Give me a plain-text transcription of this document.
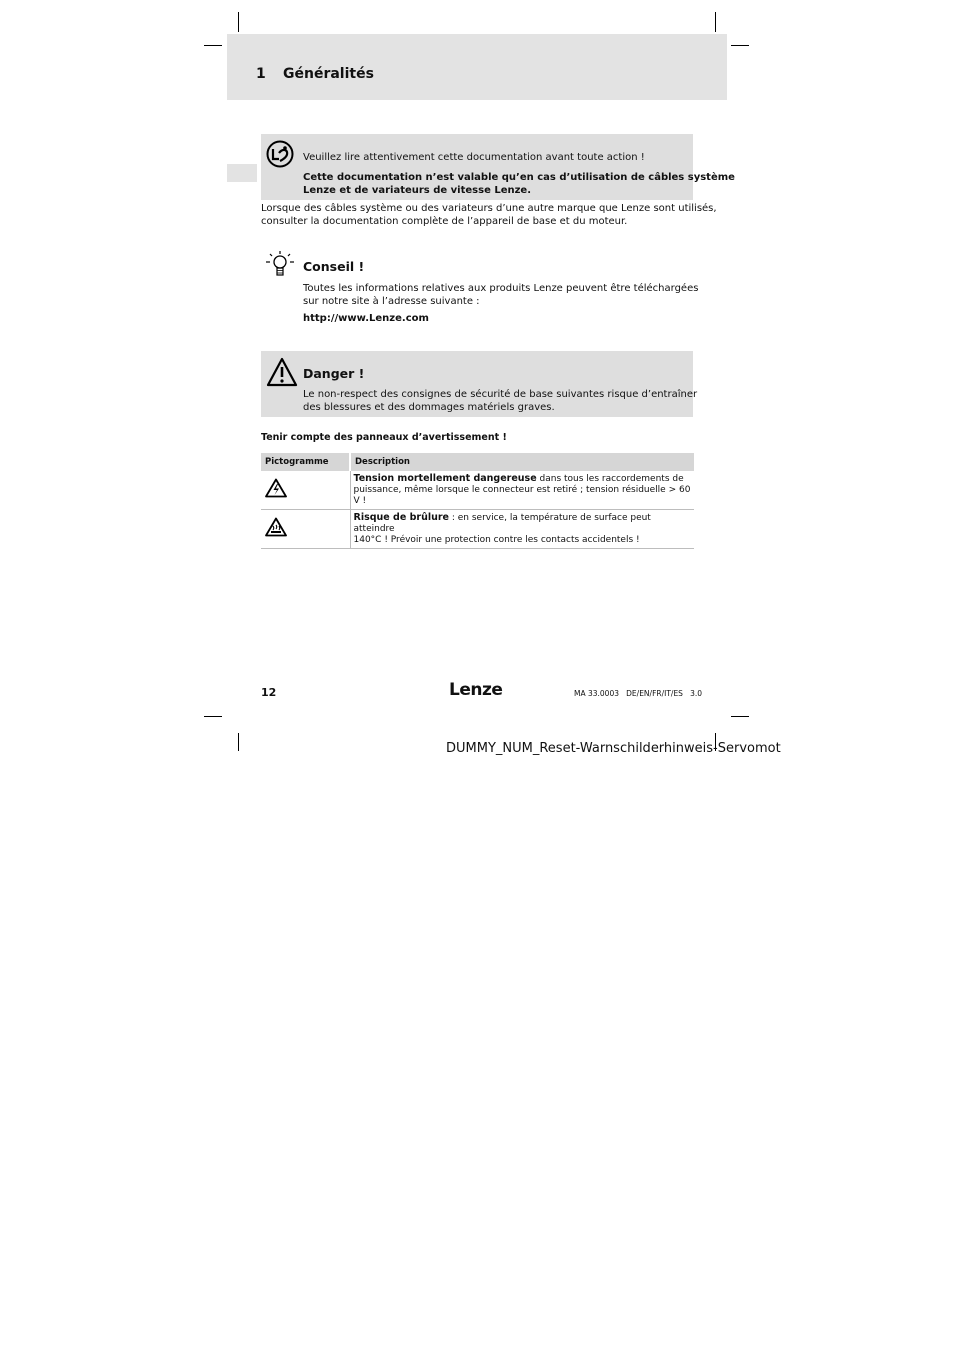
1 Généralités
Veuillez lire attentivement cette documentation avant toute action !
Cette documentation n’est valable qu’en cas d’utilisation de câbles système
Lenze et de variateurs de vitesse Lenze.
Lorsque des câbles système ou des variateurs d’une autre marque que Lenze sont utilisés,
consulter la documentation complète de l’appareil de base et du moteur.
Conseil !
Toutes les informations relatives aux produits Lenze peuvent être téléchargées
sur notre site à l’adresse suivante :
http://www.Lenze.com
Danger !
Le non-respect des consignes de sécurité de base suivantes risque d’entraîner
des blessures et des dommages matériels graves.
Tenir compte des panneaux d’avertissement !
Pictogramme	Description
	Tension mortellement dangereuse dans tous les raccordements de
puissance, même lorsque le connecteur est retiré ; tension résiduelle > 60 V !
	Risque de brûlure : en service, la température de surface peut atteindre
140°C ! Prévoir une protection contre les contacts accidentels !
12	Lenze	MA 33.0003   DE/EN/FR/IT/ES   3.0
DUMMY_NUM_Reset-Warnschilderhinweis-Servomot
